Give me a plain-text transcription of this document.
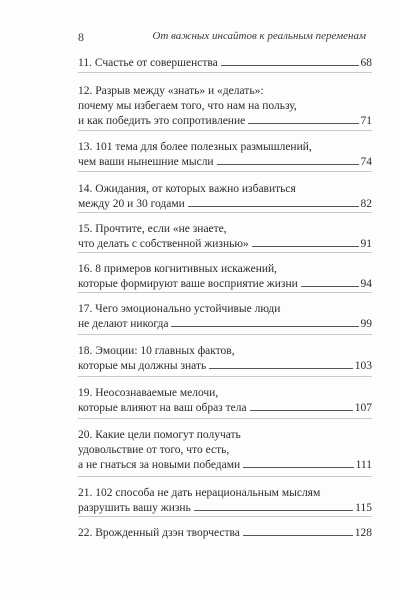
8	От важных инсайтов к реальным переменам
11. Счастье от совершенства	68
12. Разрыв между «знать» и «делать»:
почему мы избегаем того, что нам на пользу,
и как победить это сопротивление	71
13. 101 тема для более полезных размышлений,
чем ваши нынешние мысли	74
14. Ожидания, от которых важно избавиться
между 20 и 30 годами	82
15. Прочтите, если «не знаете,
что делать с собственной жизнью»	91
16. 8 примеров когнитивных искажений,
которые формируют ваше восприятие жизни	94
17. Чего эмоционально устойчивые люди
не делают никогда	99
18. Эмоции: 10 главных фактов,
которые мы должны знать	103
19. Неосознаваемые мелочи,
которые влияют на ваш образ тела	107
20. Какие цели помогут получать
удовольствие от того, что есть,
а не гнаться за новыми победами	111
21. 102 способа не дать нерациональным мыслям
разрушить вашу жизнь	115
22. Врожденный дзэн творчества	128
